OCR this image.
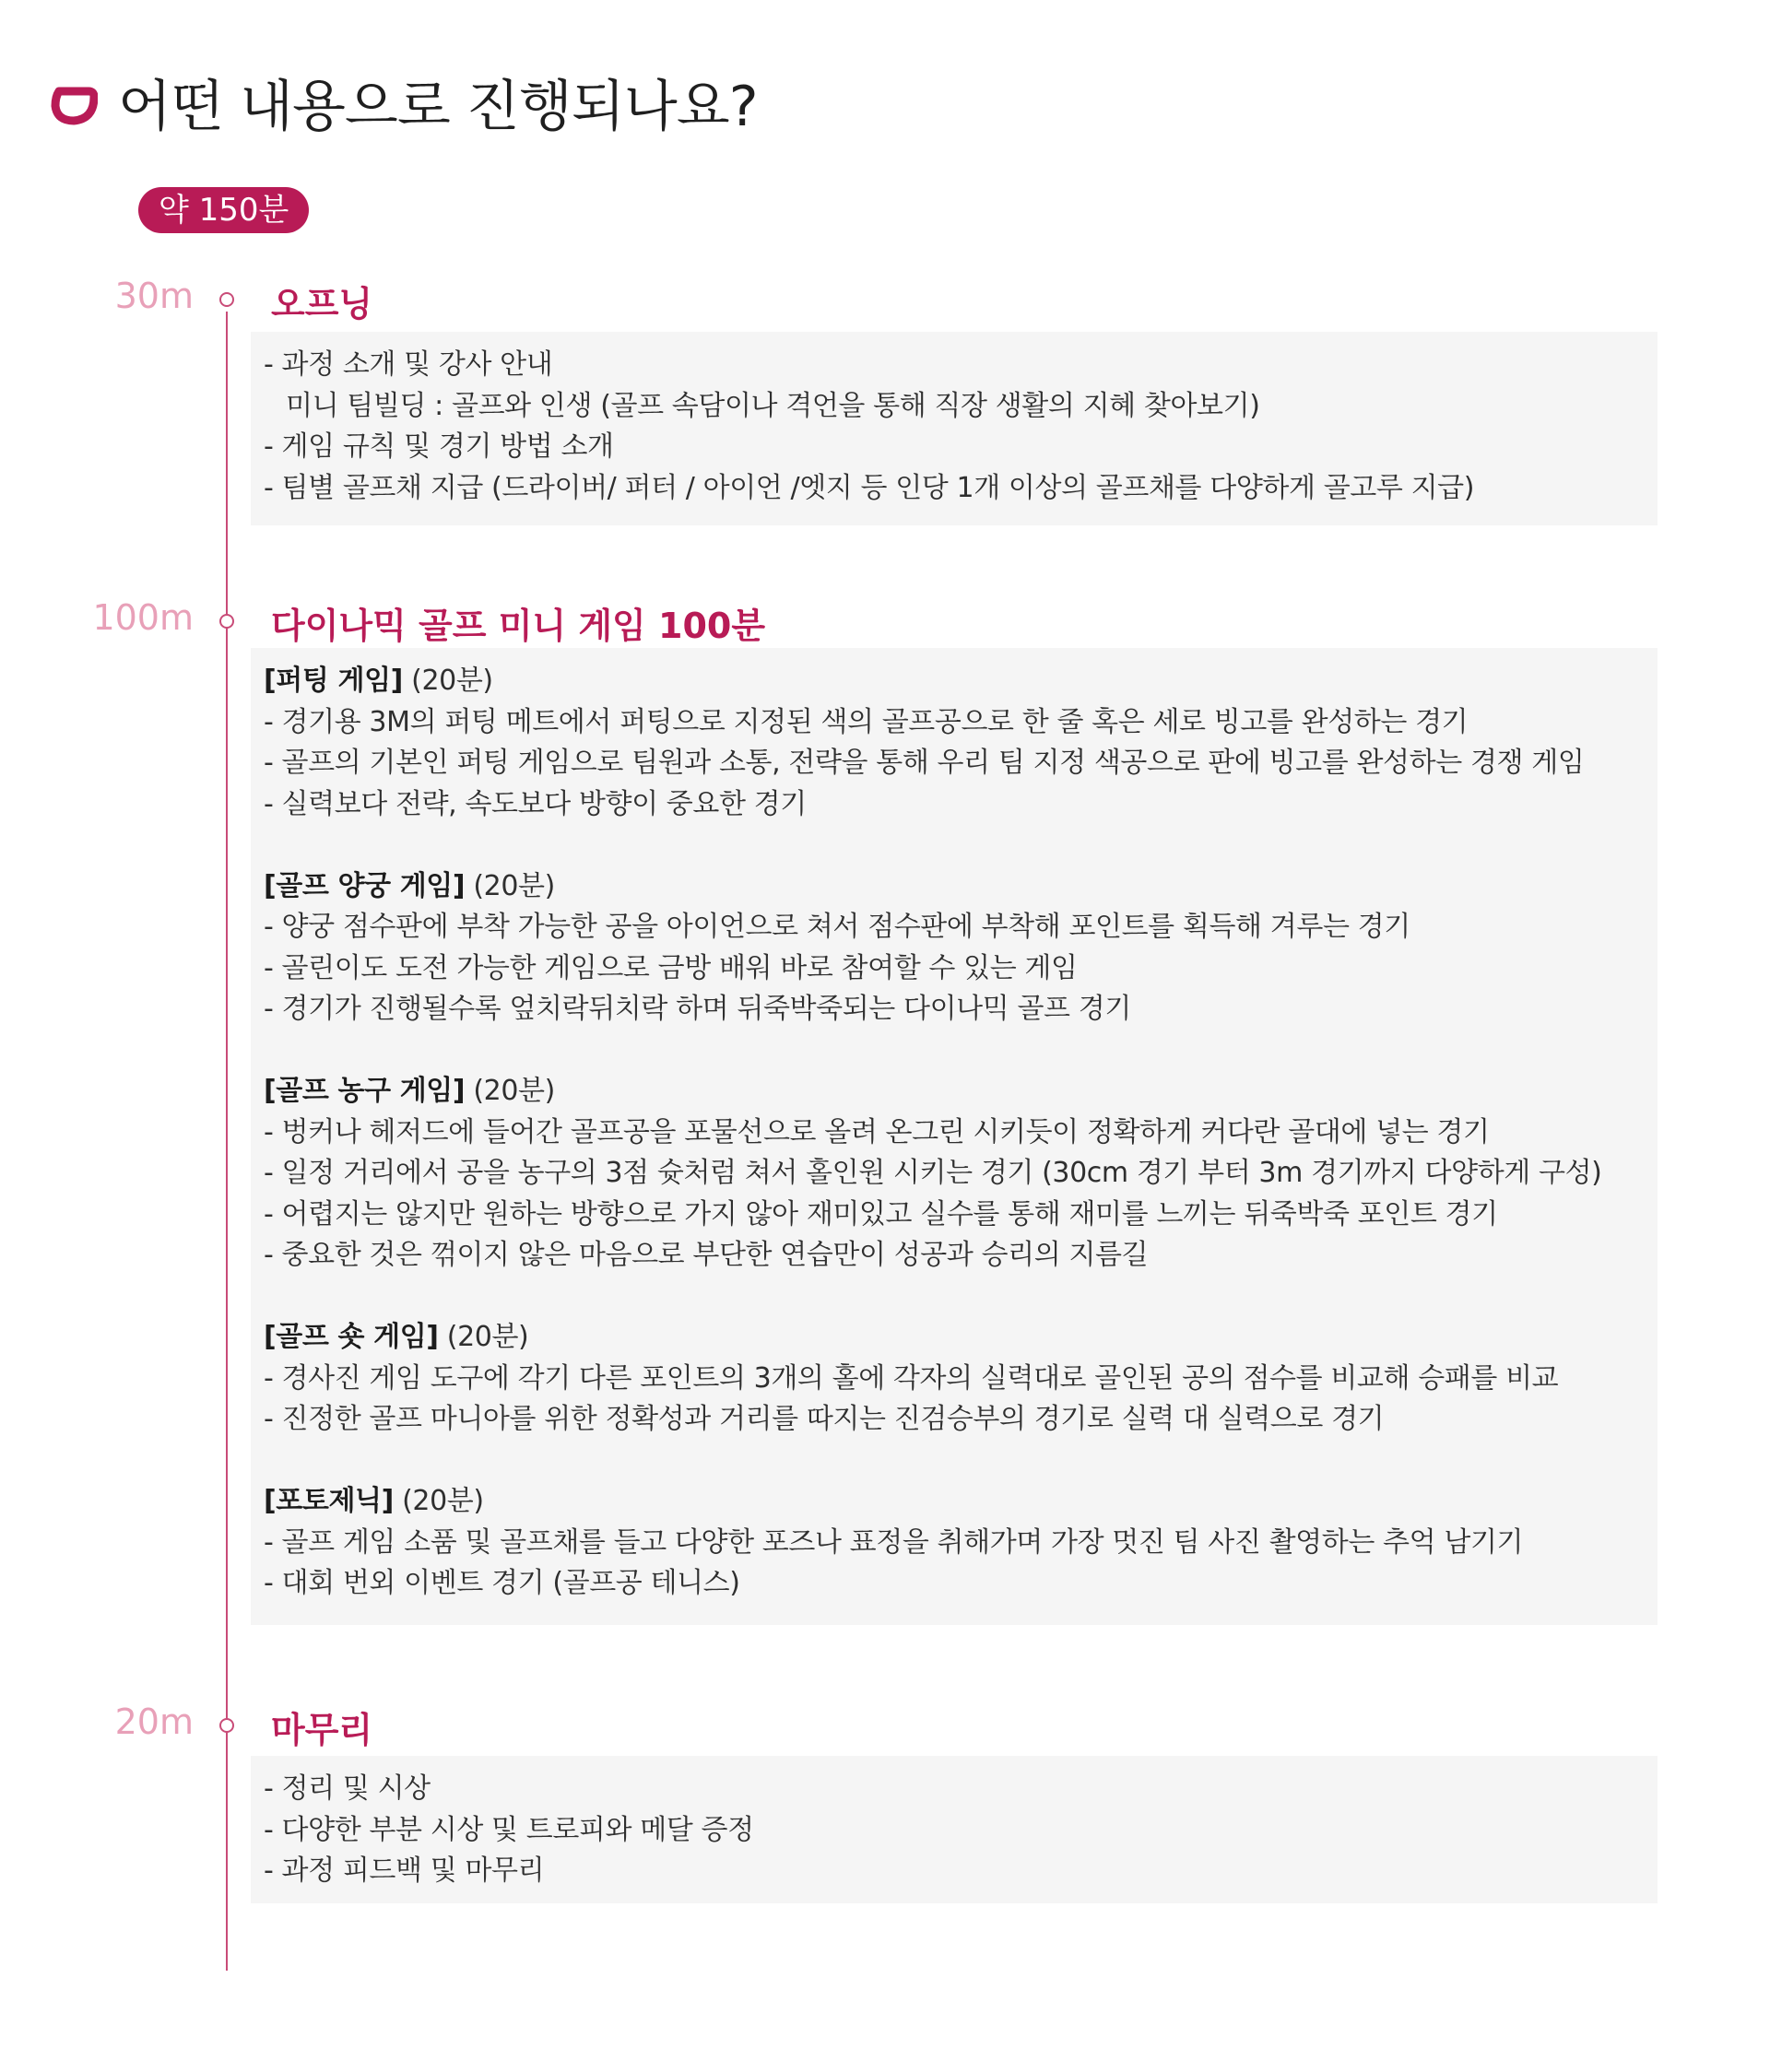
어떤 내용으로 진행되나요?
약 150분
30m 오프닝
- 과정 소개 및 강사 안내
미니 팀빌딩 : 골프와 인생 (골프 속담이나 격언을 통해 직장 생활의 지혜 찾아보기)
- 게임 규칙 및 경기 방법 소개
- 팀별 골프채 지급 (드라이버/ 퍼터 / 아이언 /엣지 등 인당 1개 이상의 골프채를 다양하게 골고루 지급)
100m 다이나믹 골프 미니 게임 100분
[퍼팅 게임] (20분)
- 경기용 3M의 퍼팅 메트에서 퍼팅으로 지정된 색의 골프공으로 한 줄 혹은 세로 빙고를 완성하는 경기
- 골프의 기본인 퍼팅 게임으로 팀원과 소통, 전략을 통해 우리 팀 지정 색공으로 판에 빙고를 완성하는 경쟁 게임
- 실력보다 전략, 속도보다 방향이 중요한 경기
[골프 양궁 게임] (20분)
- 양궁 점수판에 부착 가능한 공을 아이언으로 쳐서 점수판에 부착해 포인트를 획득해 겨루는 경기
- 골린이도 도전 가능한 게임으로 금방 배워 바로 참여할 수 있는 게임
- 경기가 진행될수록 엎치락뒤치락 하며 뒤죽박죽되는 다이나믹 골프 경기
[골프 농구 게임] (20분)
- 벙커나 헤저드에 들어간 골프공을 포물선으로 올려 온그린 시키듯이 정확하게 커다란 골대에 넣는 경기
- 일정 거리에서 공을 농구의 3점 슛처럼 쳐서 홀인원 시키는 경기 (30cm 경기 부터 3m 경기까지 다양하게 구성)
- 어렵지는 않지만 원하는 방향으로 가지 않아 재미있고 실수를 통해 재미를 느끼는 뒤죽박죽 포인트 경기
- 중요한 것은 꺾이지 않은 마음으로 부단한 연습만이 성공과 승리의 지름길
[골프 숏 게임] (20분)
- 경사진 게임 도구에 각기 다른 포인트의 3개의 홀에 각자의 실력대로 골인된 공의 점수를 비교해 승패를 비교
- 진정한 골프 마니아를 위한 정확성과 거리를 따지는 진검승부의 경기로 실력 대 실력으로 경기
[포토제닉] (20분)
- 골프 게임 소품 및 골프채를 들고 다양한 포즈나 표정을 취해가며 가장 멋진 팀 사진 촬영하는 추억 남기기
- 대회 번외 이벤트 경기 (골프공 테니스)
20m 마무리
- 정리 및 시상
- 다양한 부분 시상 및 트로피와 메달 증정
- 과정 피드백 및 마무리
